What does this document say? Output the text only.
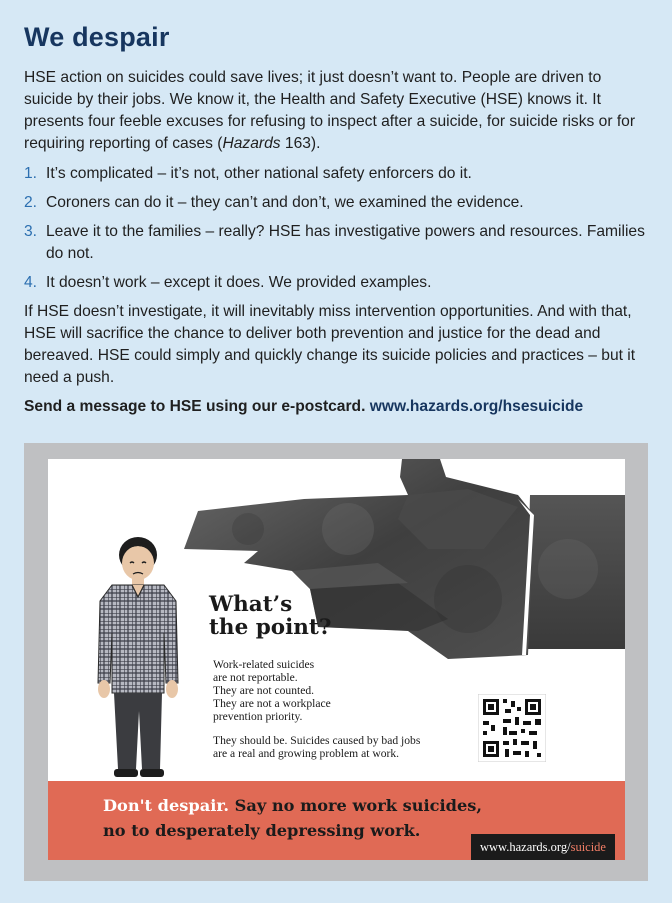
We despair

HSE action on suicides could save lives; it just doesn’t want to. People are driven to suicide by their jobs. We know it, the Health and Safety Executive (HSE) knows it. It presents four feeble excuses for refusing to inspect after a suicide, for suicide risks or for requiring reporting of cases (Hazards 163).

1. It’s complicated – it’s not, other national safety enforcers do it.
2. Coroners can do it – they can’t and don’t, we examined the evidence.
3. Leave it to the families – really? HSE has investigative powers and resources. Families do not.
4. It doesn’t work – except it does. We provided examples.

If HSE doesn’t investigate, it will inevitably miss intervention opportunities. And with that, HSE will sacrifice the chance to deliver both prevention and justice for the dead and bereaved. HSE could simply and quickly change its suicide policies and practices – but it need a push.

Send a message to HSE using our e-postcard. www.hazards.org/hsesuicide

What’s
the point?
Work-related suicides
are not reportable.
They are not counted.
They are not a workplace
prevention priority.
They should be. Suicides caused by bad jobs
are a real and growing problem at work.
Don't despair. Say no more work suicides,
no to desperately depressing work.
www.hazards.org/suicide
